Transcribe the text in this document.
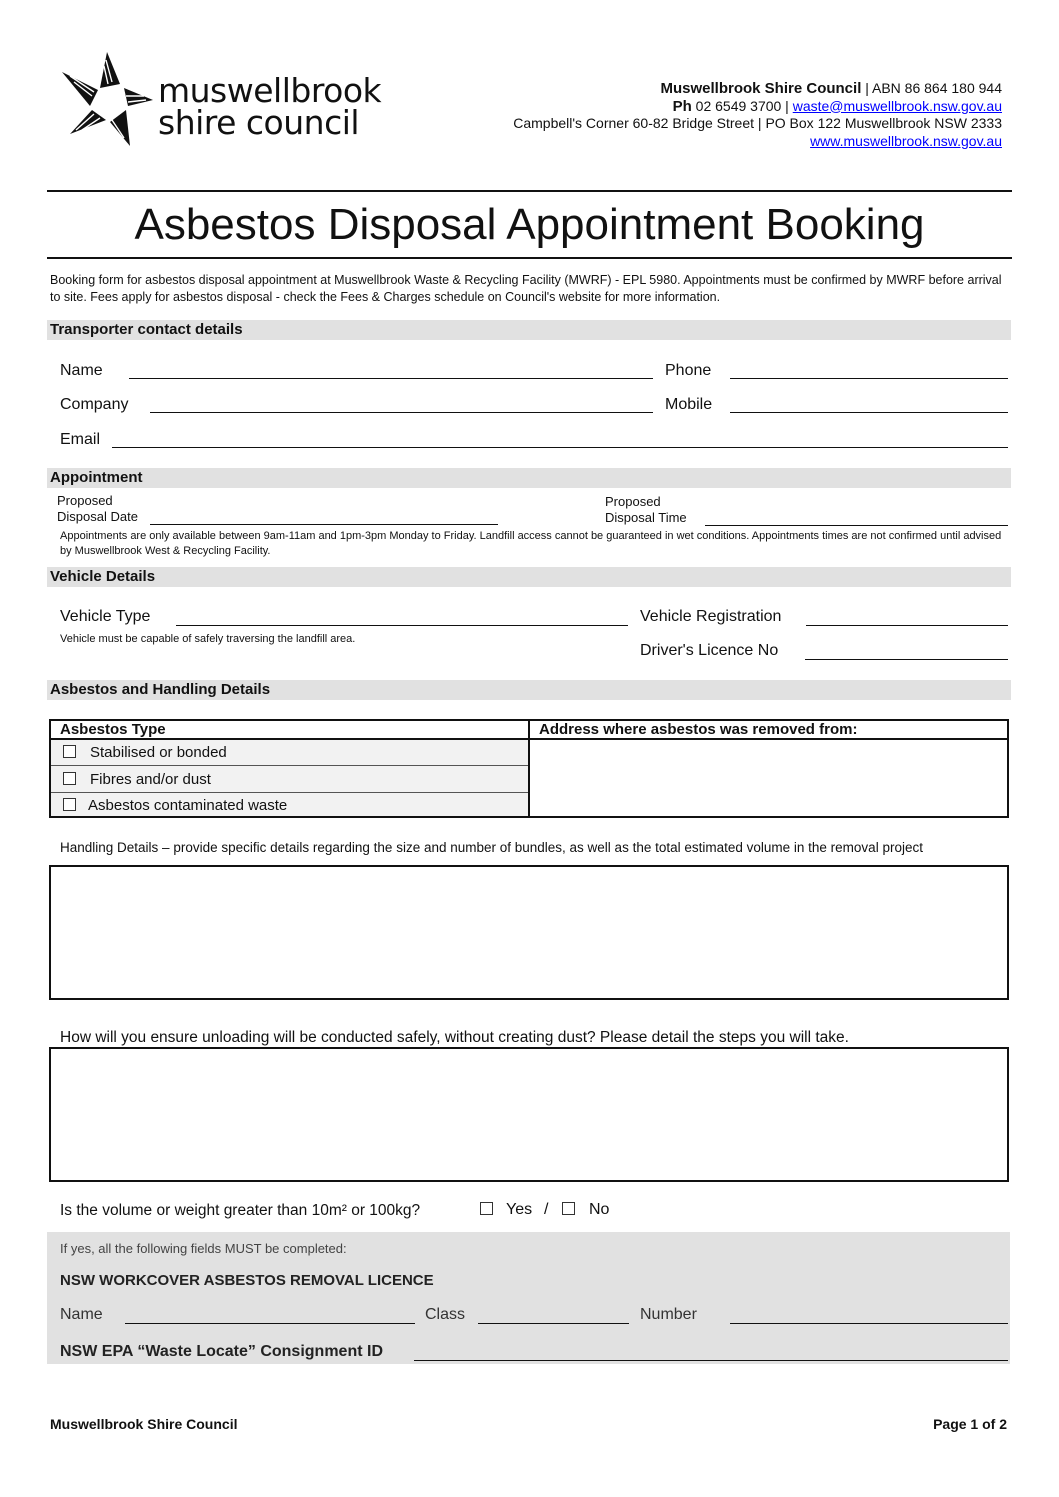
muswellbrook
shire council
Muswellbrook Shire Council | ABN 86 864 180 944
Ph 02 6549 3700 | waste@muswellbrook.nsw.gov.au
Campbell's Corner 60-82 Bridge Street | PO Box 122 Muswellbrook NSW 2333
www.muswellbrook.nsw.gov.au
Asbestos Disposal Appointment Booking
Booking form for asbestos disposal appointment at Muswellbrook Waste & Recycling Facility (MWRF) - EPL 5980. Appointments must be confirmed by MWRF before arrival to site. Fees apply for asbestos disposal - check the Fees & Charges schedule on Council's website for more information.
Transporter contact details
Name	Phone
Company	Mobile
Email
Appointment
Proposed
Disposal Date
Proposed
Disposal Time
Appointments are only available between 9am-11am and 1pm-3pm Monday to Friday. Landfill access cannot be guaranteed in wet conditions. Appointments times are not confirmed until advised by Muswellbrook West & Recycling Facility.
Vehicle Details
Vehicle Type
Vehicle must be capable of safely traversing the landfill area.
Vehicle Registration
Driver's Licence No
Asbestos and Handling Details
Asbestos Type	Address where asbestos was removed from:
Stabilised or bonded
Fibres and/or dust
Asbestos contaminated waste
Handling Details – provide specific details regarding the size and number of bundles, as well as the total estimated volume in the removal project
How will you ensure unloading will be conducted safely, without creating dust? Please detail the steps you will take.
Is the volume or weight greater than 10m² or 100kg?	Yes /	No
If yes, all the following fields MUST be completed:
NSW WORKCOVER ASBESTOS REMOVAL LICENCE
Name	Class	Number
NSW EPA “Waste Locate” Consignment ID
Muswellbrook Shire Council	Page 1 of 2
